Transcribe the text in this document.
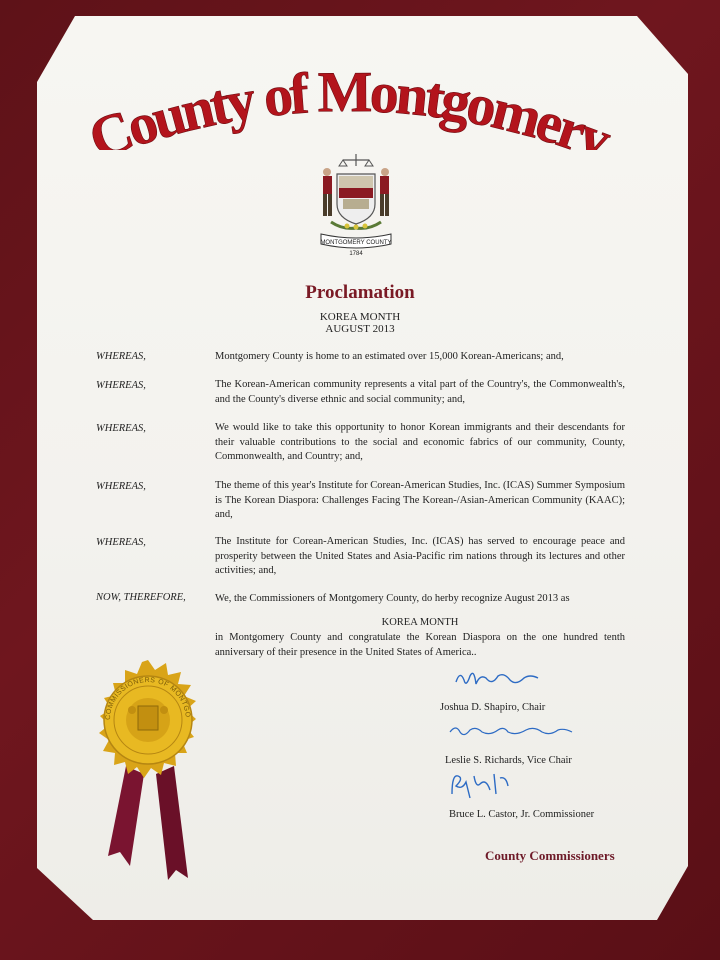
County of Montgomery
MONTGOMERY COUNTY
1784
Proclamation
KOREA MONTH
AUGUST 2013
WHEREAS,	Montgomery County is home to an estimated over 15,000 Korean-Americans; and,
WHEREAS,	The Korean-American community represents a vital part of the Country's, the Commonwealth's, and the County's diverse ethnic and social community; and,
WHEREAS,	We would like to take this opportunity to honor Korean immigrants and their descendants for their valuable contributions to the social and economic fabrics of our community, County, Commonwealth, and Country; and,
WHEREAS,	The theme of this year's Institute for Corean-American Studies, Inc. (ICAS) Summer Symposium is The Korean Diaspora: Challenges Facing The Korean-/Asian-American Community (KAAC); and,
WHEREAS,	The Institute for Corean-American Studies, Inc. (ICAS) has served to encourage peace and prosperity between the United States and Asia-Pacific rim nations through its lectures and other activities; and,
NOW, THEREFORE,	We, the Commissioners of Montgomery County, do herby recognize August 2013 as
KOREA MONTH
in Montgomery County and congratulate the Korean Diaspora on the one hundred tenth anniversary of their presence in the United States of America..
Joshua D. Shapiro, Chair
Leslie S. Richards, Vice Chair
Bruce L. Castor, Jr. Commissioner
County Commissioners
COMMISSIONERS OF MONTGO
